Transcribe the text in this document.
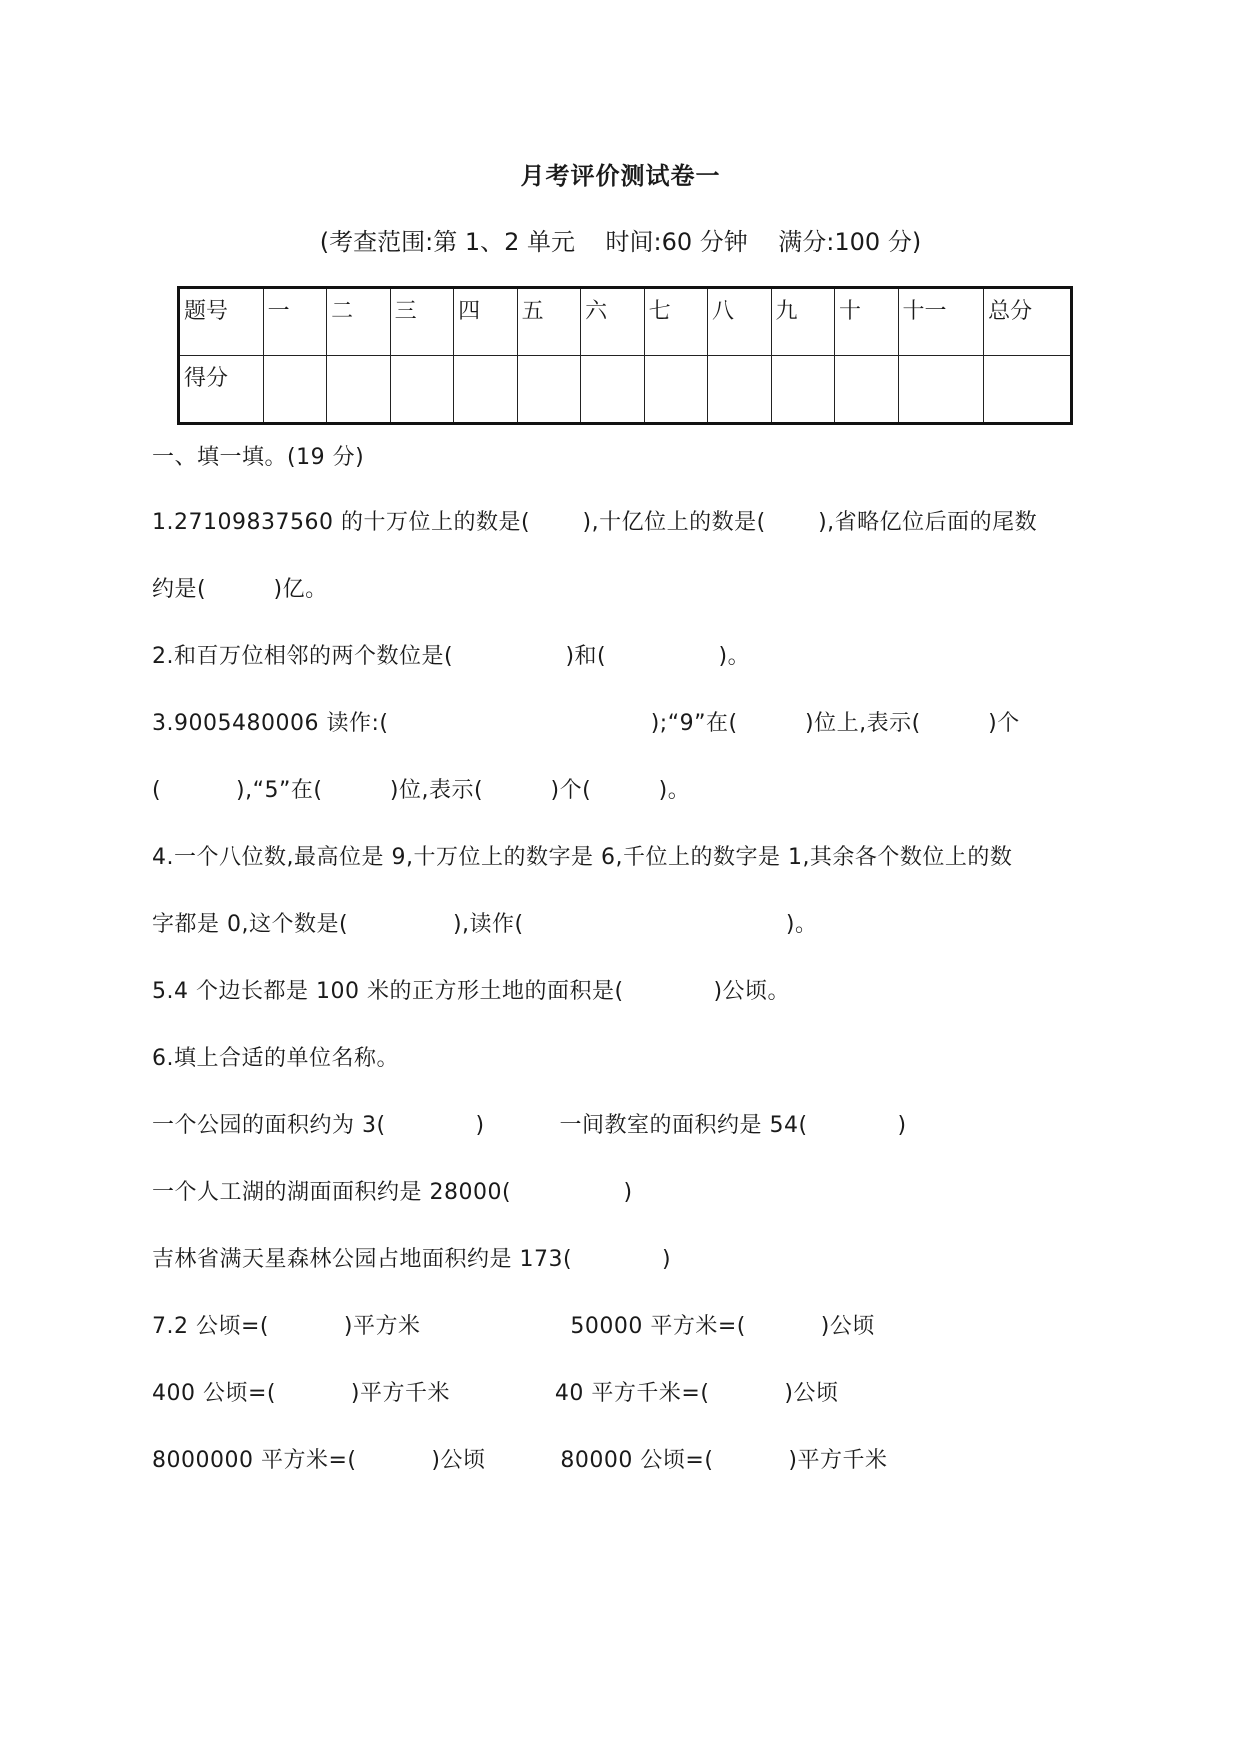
月考评价测试卷一
(考查范围:第 1、2 单元    时间:60 分钟    满分:100 分)
题号	一	二	三	四	五	六	七	八	九	十	十一	总分
得分												
一、填一填。(19 分)
1.27109837560 的十万位上的数是(       ),十亿位上的数是(       ),省略亿位后面的尾数
约是(         )亿。
2.和百万位相邻的两个数位是(               )和(               )。
3.9005480006 读作:(                                   );“9”在(         )位上,表示(         )个
(          ),“5”在(         )位,表示(         )个(         )。
4.一个八位数,最高位是 9,十万位上的数字是 6,千位上的数字是 1,其余各个数位上的数
字都是 0,这个数是(              ),读作(                                   )。
5.4 个边长都是 100 米的正方形土地的面积是(            )公顷。
6.填上合适的单位名称。
一个公园的面积约为 3(            )          一间教室的面积约是 54(            )
一个人工湖的湖面面积约是 28000(               )
吉林省满天星森林公园占地面积约是 173(            )
7.2 公顷=(          )平方米                    50000 平方米=(          )公顷
400 公顷=(          )平方千米              40 平方千米=(          )公顷
8000000 平方米=(          )公顷          80000 公顷=(          )平方千米
